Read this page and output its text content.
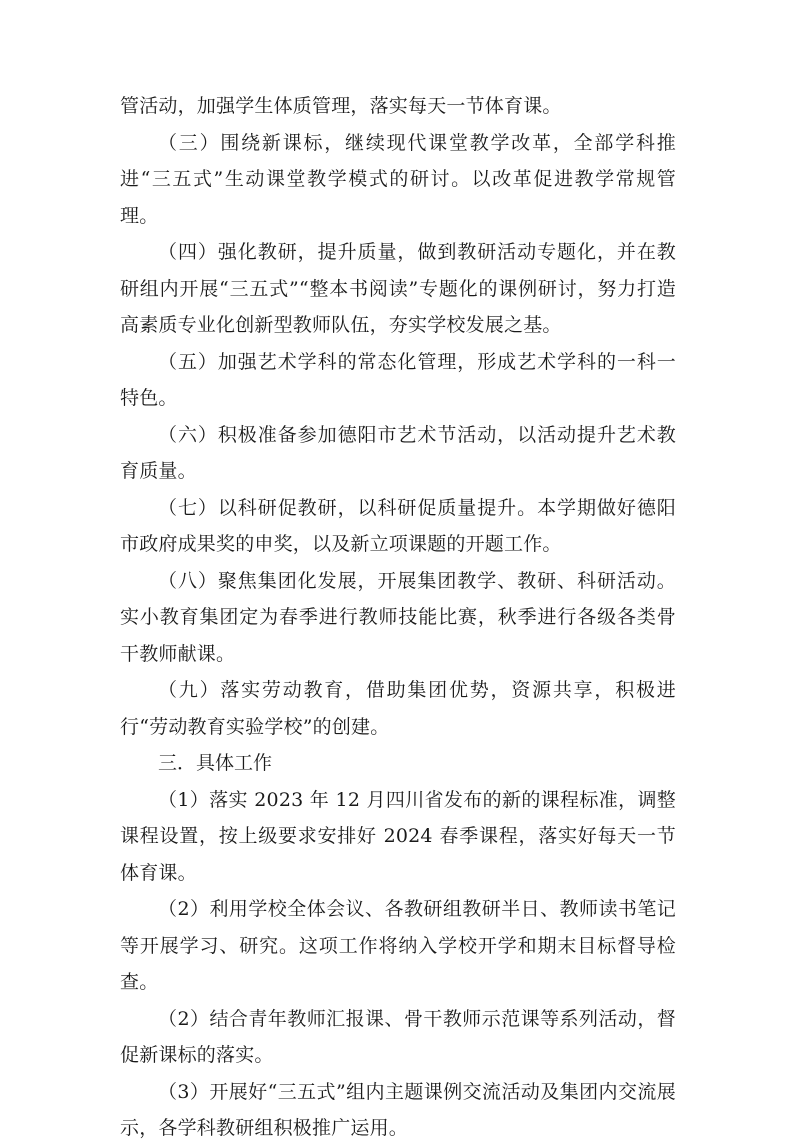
管活动，加强学生体质管理，落实每天一节体育课。

（三）围绕新课标，继续现代课堂教学改革，全部学科推进“三五式”生动课堂教学模式的研讨。以改革促进教学常规管理。

（四）强化教研，提升质量，做到教研活动专题化，并在教研组内开展“三五式”“整本书阅读”专题化的课例研讨，努力打造高素质专业化创新型教师队伍，夯实学校发展之基。

（五）加强艺术学科的常态化管理，形成艺术学科的一科一特色。

（六）积极准备参加德阳市艺术节活动，以活动提升艺术教育质量。

（七）以科研促教研，以科研促质量提升。本学期做好德阳市政府成果奖的申奖，以及新立项课题的开题工作。

（八）聚焦集团化发展，开展集团教学、教研、科研活动。实小教育集团定为春季进行教师技能比赛，秋季进行各级各类骨干教师献课。

（九）落实劳动教育，借助集团优势，资源共享，积极进行“劳动教育实验学校”的创建。

三．具体工作

（1）落实 2023 年 12 月四川省发布的新的课程标准，调整课程设置，按上级要求安排好 2024 春季课程，落实好每天一节体育课。

（2）利用学校全体会议、各教研组教研半日、教师读书笔记等开展学习、研究。这项工作将纳入学校开学和期末目标督导检查。

（2）结合青年教师汇报课、骨干教师示范课等系列活动，督促新课标的落实。

（3）开展好“三五式”组内主题课例交流活动及集团内交流展示，各学科教研组积极推广运用。
